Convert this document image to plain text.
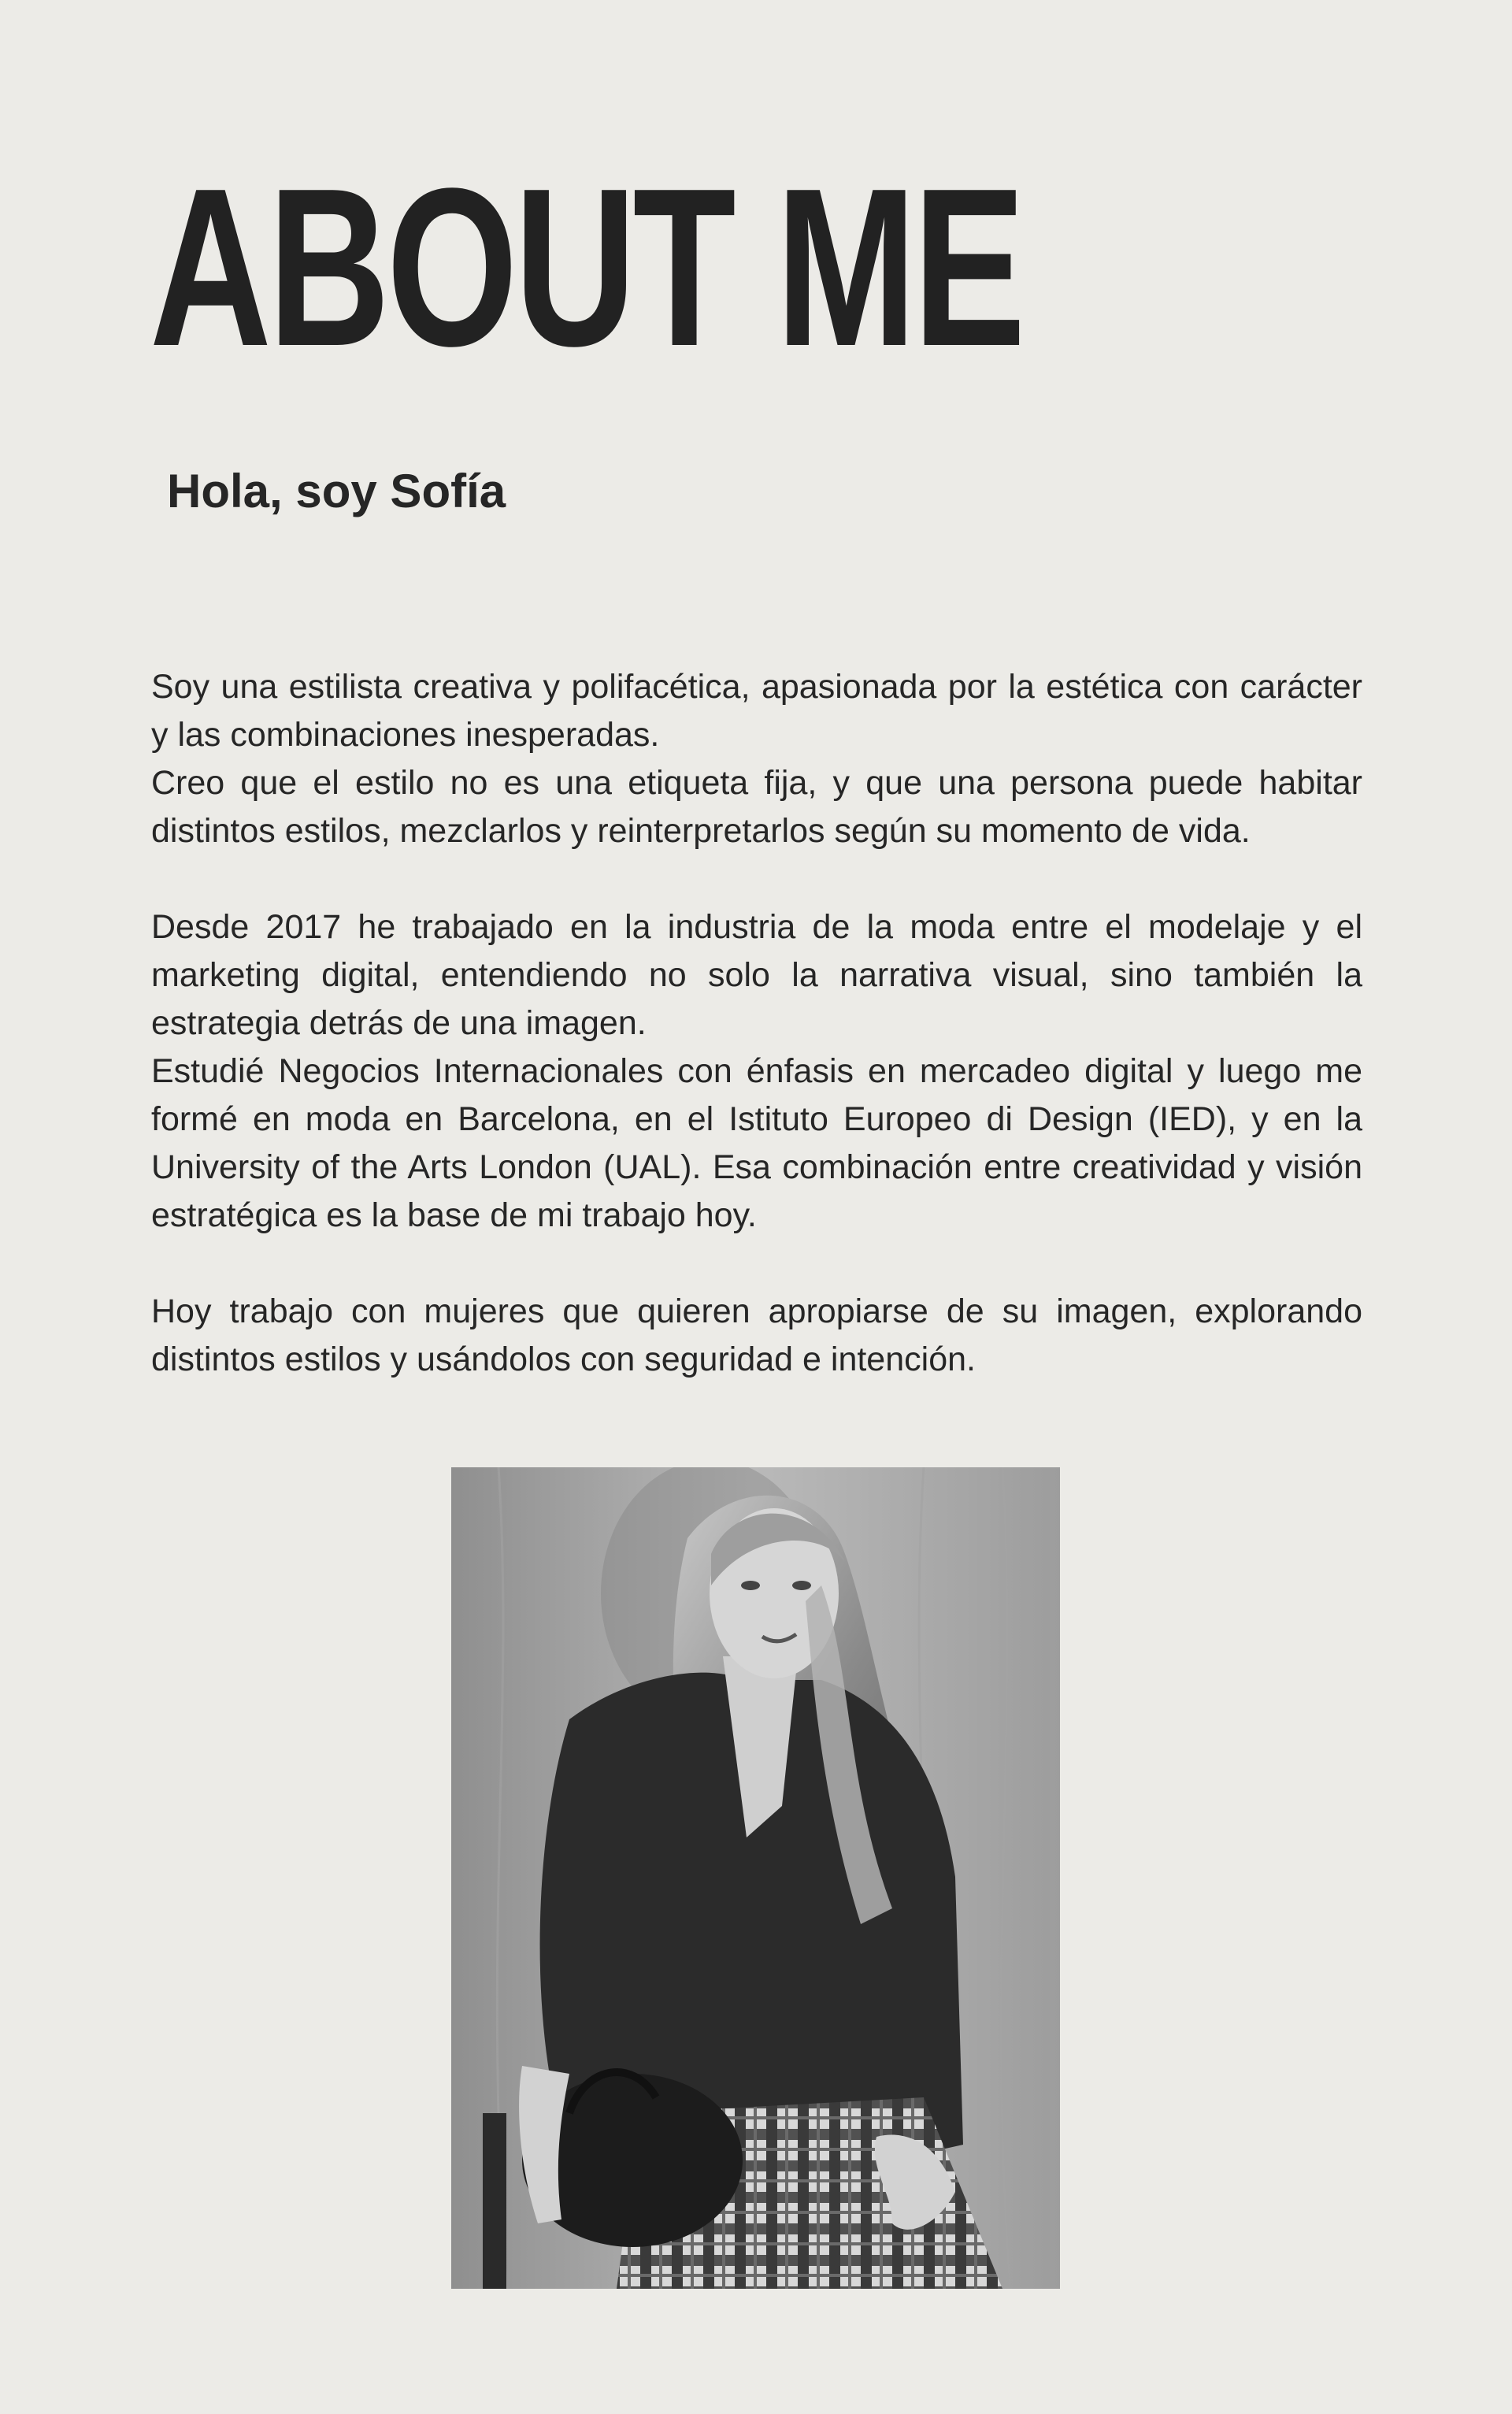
ABOUT ME
Hola, soy Sofía

Soy una estilista creativa y polifacética, apasionada por la estética con carácter y las combinaciones inesperadas.

Creo que el estilo no es una etiqueta fija, y que una persona puede habitar distintos estilos, mezclarlos y reinterpretarlos según su momento de vida.

Desde 2017 he trabajado en la industria de la moda entre el modelaje y el marketing digital, entendiendo no solo la narrativa visual, sino también la estrategia detrás de una imagen.

Estudié Negocios Internacionales con énfasis en mercadeo digital y luego me formé en moda en Barcelona, en el Istituto Europeo di Design (IED), y en la University of the Arts London (UAL). Esa combinación entre creatividad y visión estratégica es la base de mi trabajo hoy.

Hoy trabajo con mujeres que quieren apropiarse de su imagen, explorando distintos estilos y usándolos con seguridad e intención.
